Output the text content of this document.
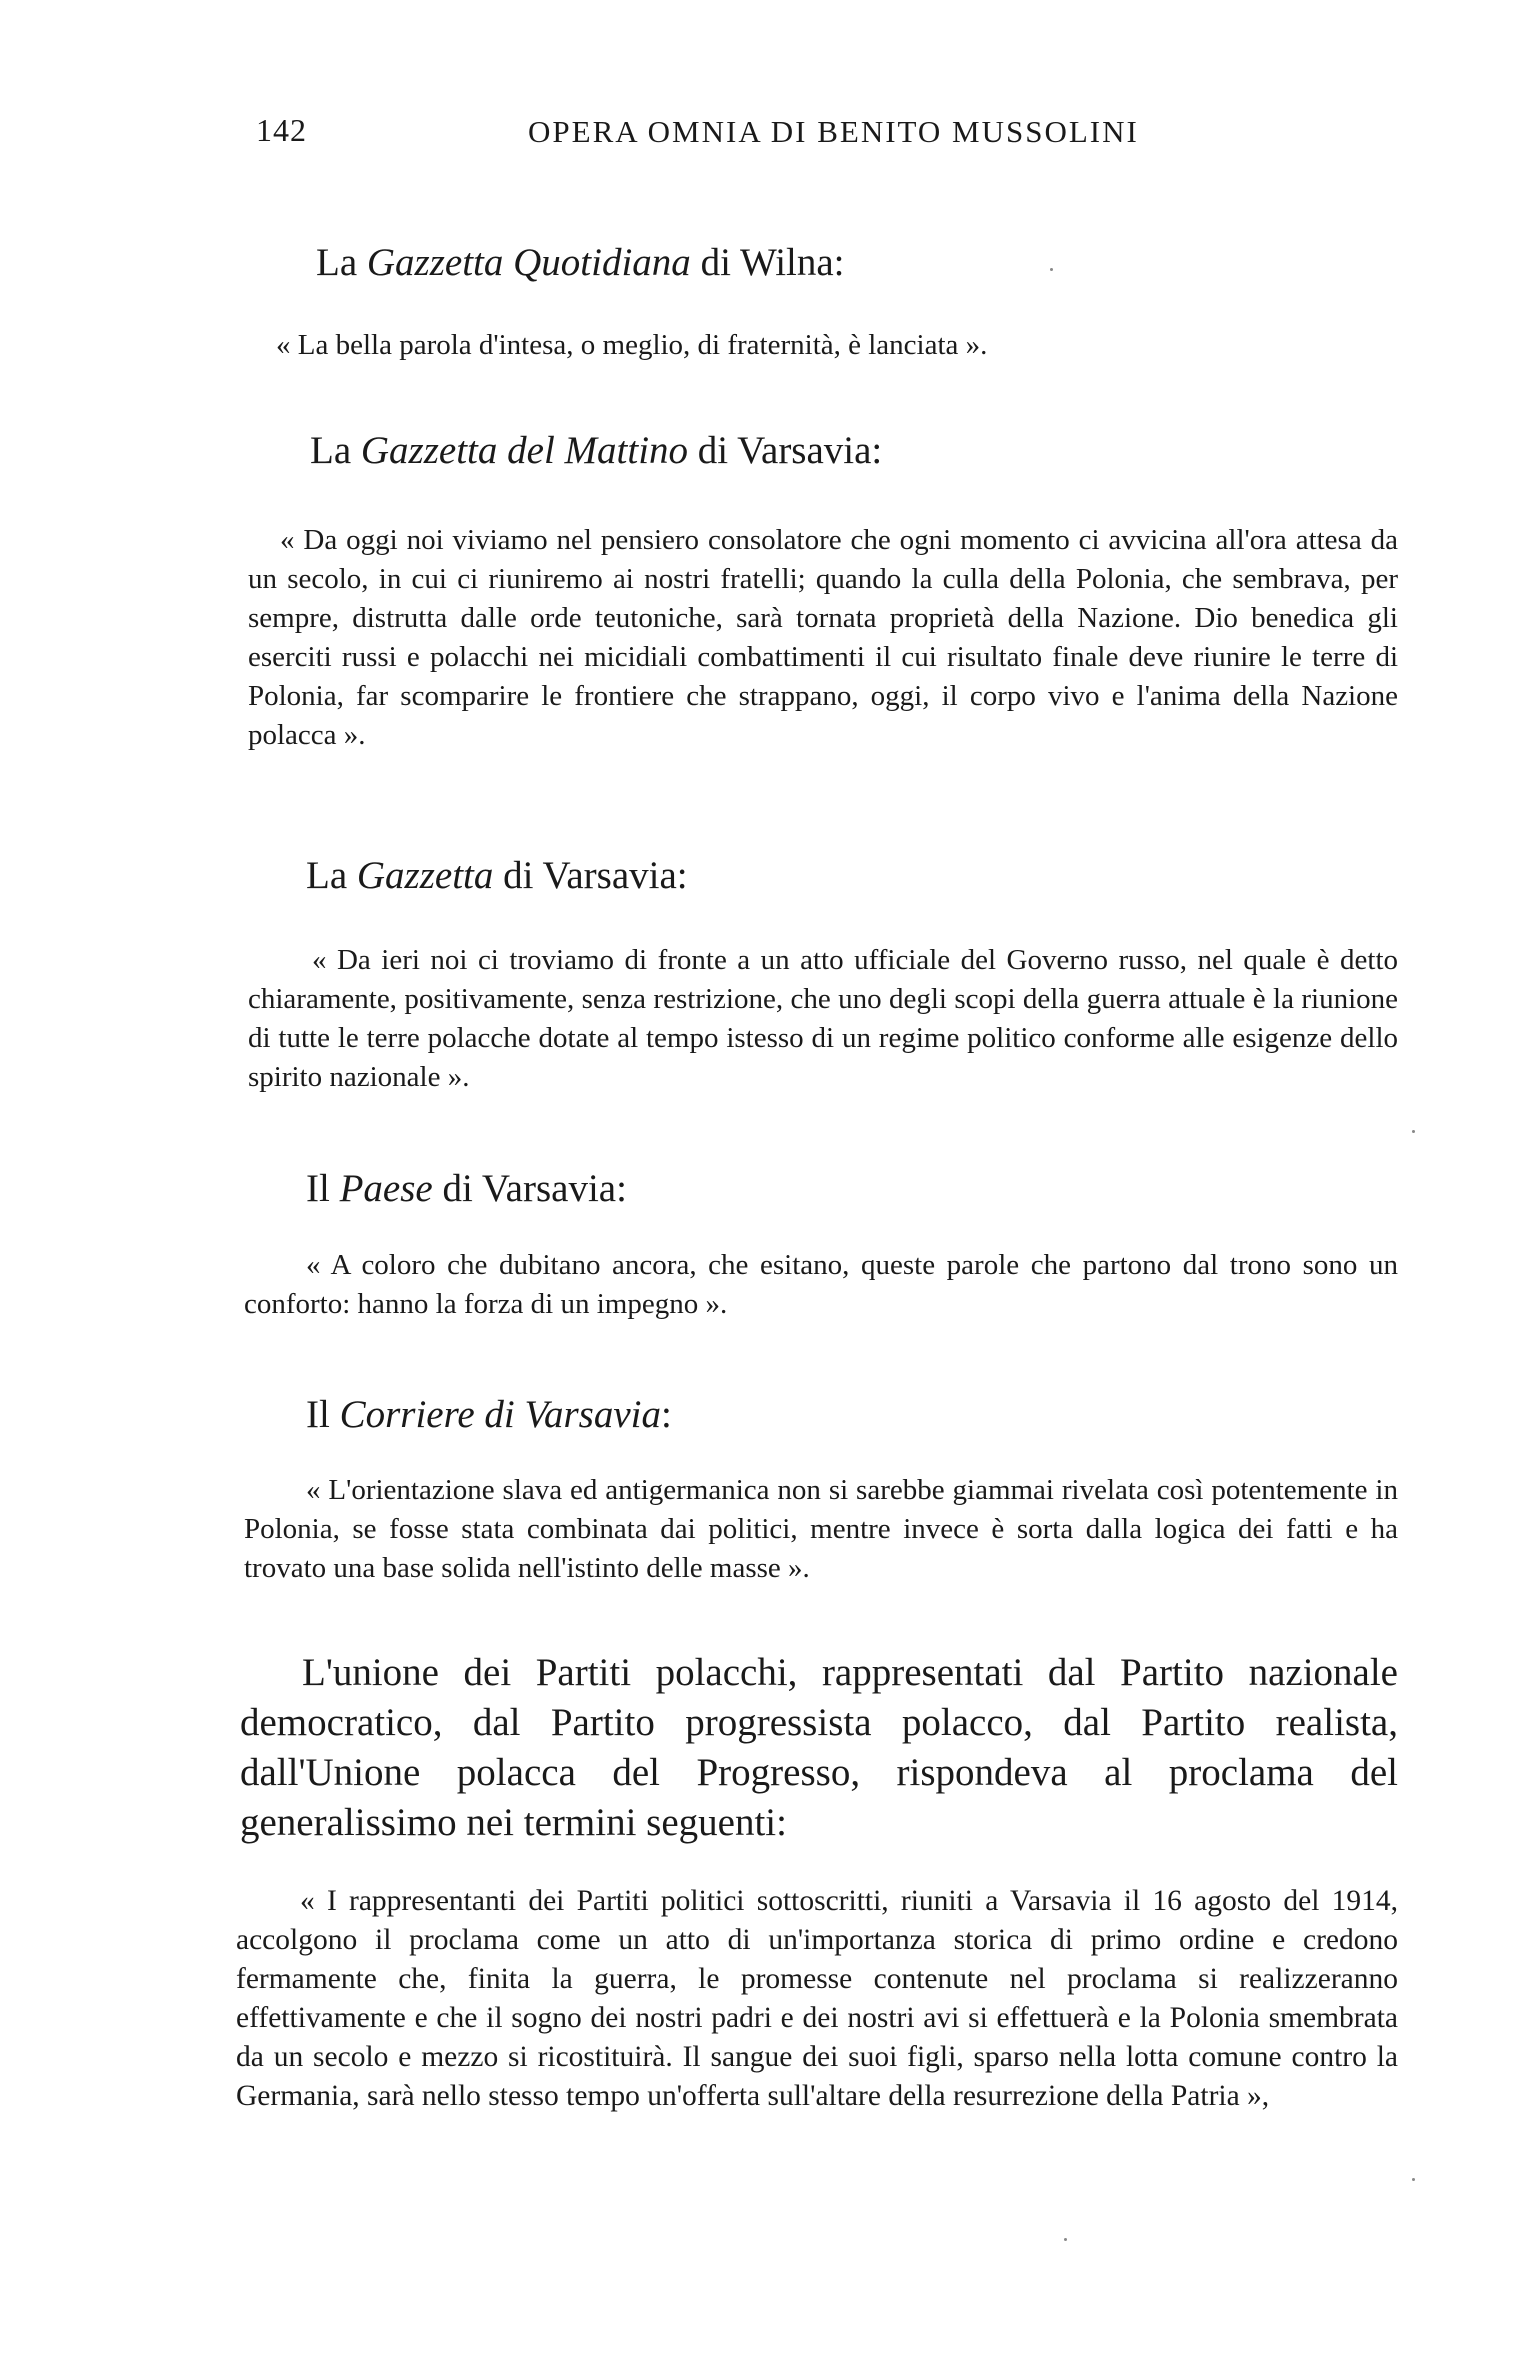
142	OPERA OMNIA DI BENITO MUSSOLINI
La Gazzetta Quotidiana di Wilna:
« La bella parola d'intesa, o meglio, di fraternità, è lanciata ».
La Gazzetta del Mattino di Varsavia:
« Da oggi noi viviamo nel pensiero consolatore che ogni momento ci avvicina all'ora attesa da un secolo, in cui ci riuniremo ai nostri fratelli; quando la culla della Polonia, che sembrava, per sempre, distrutta dalle orde teutoniche, sarà tornata proprietà della Nazione. Dio benedica gli eserciti russi e polacchi nei micidiali combattimenti il cui risultato finale deve riunire le terre di Polonia, far scomparire le frontiere che strappano, oggi, il corpo vivo e l'anima della Nazione polacca ».
La Gazzetta di Varsavia:
« Da ieri noi ci troviamo di fronte a un atto ufficiale del Governo russo, nel quale è detto chiaramente, positivamente, senza restrizione, che uno degli scopi della guerra attuale è la riunione di tutte le terre polacche dotate al tempo istesso di un regime politico conforme alle esigenze dello spirito nazionale ».
Il Paese di Varsavia:
« A coloro che dubitano ancora, che esitano, queste parole che partono dal trono sono un conforto: hanno la forza di un impegno ».
Il Corriere di Varsavia:
« L'orientazione slava ed antigermanica non si sarebbe giammai rivelata così potentemente in Polonia, se fosse stata combinata dai politici, mentre invece è sorta dalla logica dei fatti e ha trovato una base solida nell'istinto delle masse ».
L'unione dei Partiti polacchi, rappresentati dal Partito nazionale democratico, dal Partito progressista polacco, dal Partito realista, dall'Unione polacca del Progresso, rispondeva al proclama del generalissimo nei termini seguenti:
« I rappresentanti dei Partiti politici sottoscritti, riuniti a Varsavia il 16 agosto del 1914, accolgono il proclama come un atto di un'importanza storica di primo ordine e credono fermamente che, finita la guerra, le promesse contenute nel proclama si realizzeranno effettivamente e che il sogno dei nostri padri e dei nostri avi si effettuerà e la Polonia smembrata da un secolo e mezzo si ricostituirà. Il sangue dei suoi figli, sparso nella lotta comune contro la Germania, sarà nello stesso tempo un'offerta sull'altare della resurrezione della Patria »,
